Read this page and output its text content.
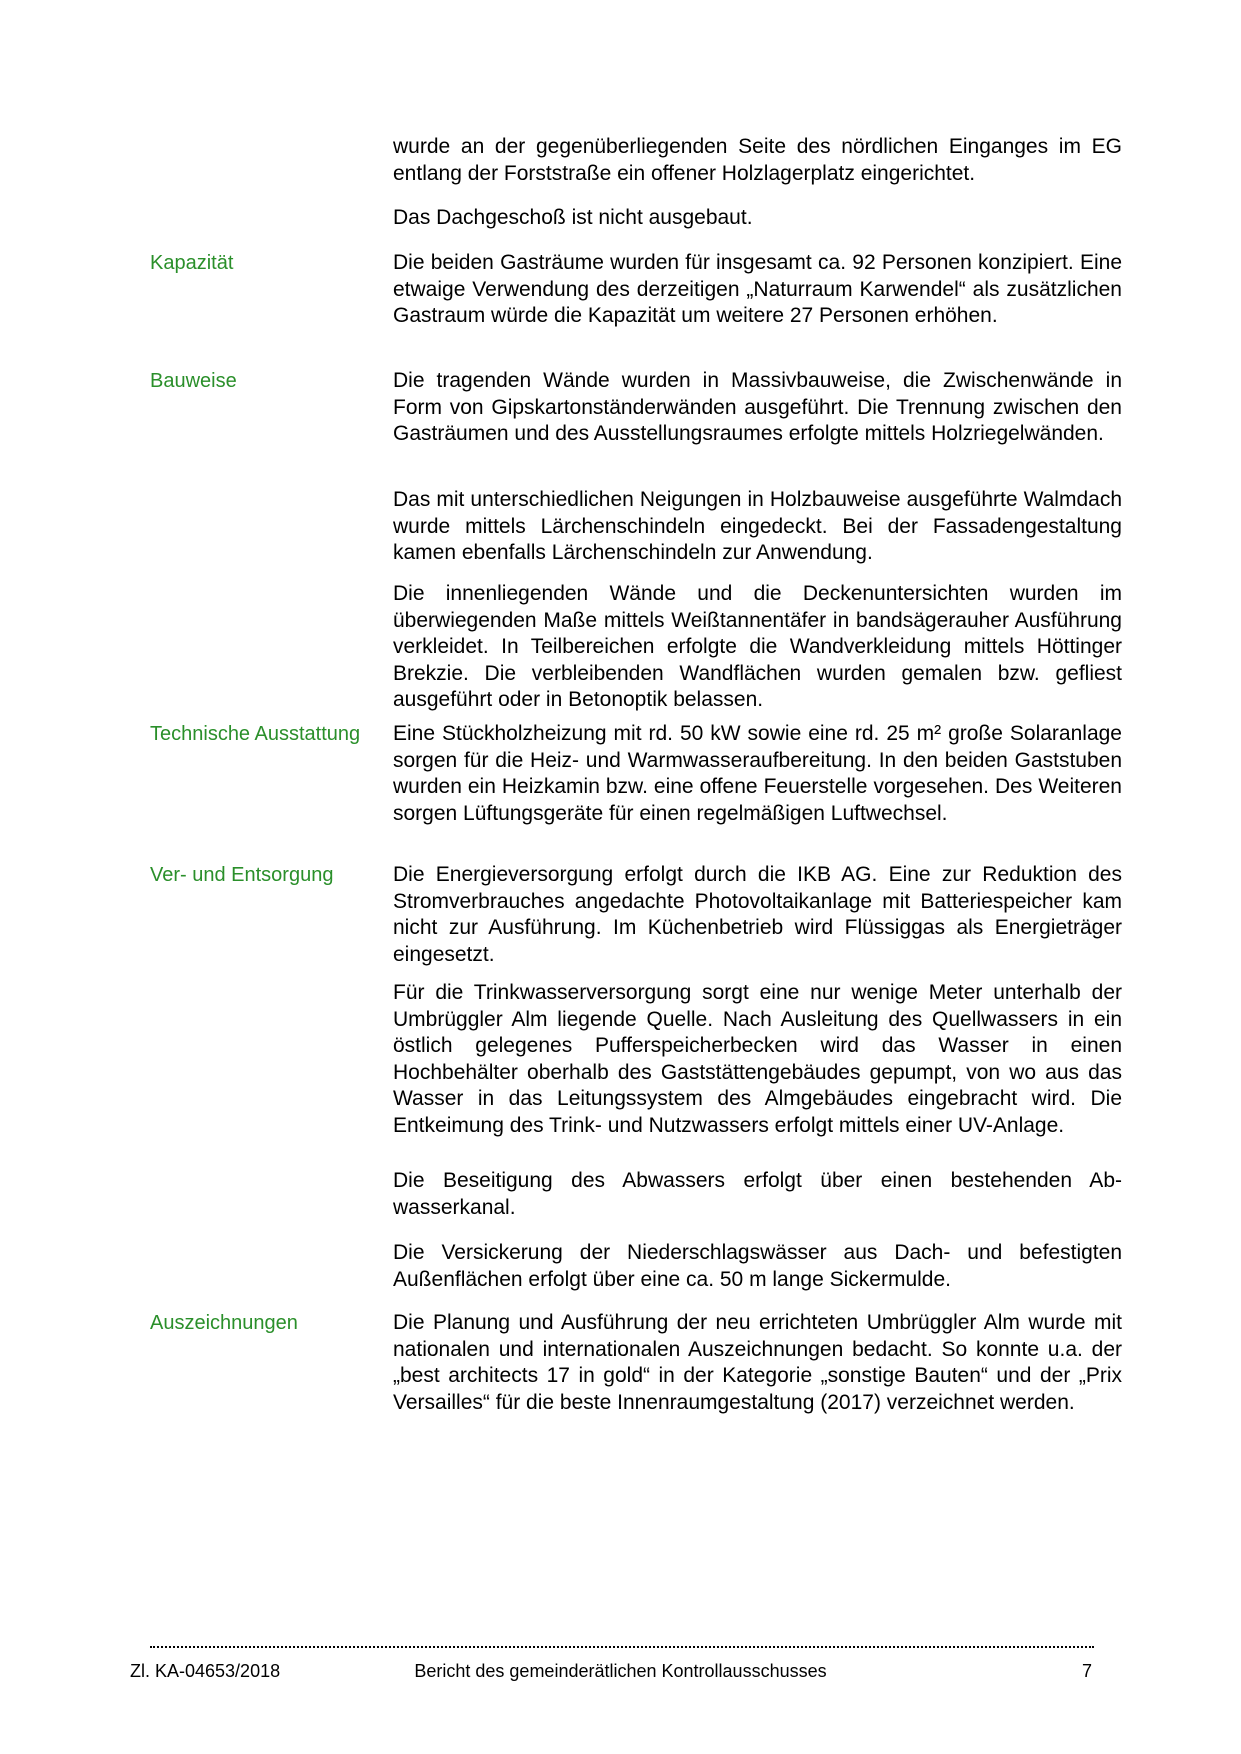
wurde an der gegenüberliegenden Seite des nördlichen Einganges im EG entlang der Forststraße ein offener Holzlagerplatz eingerichtet.

Das Dachgeschoß ist nicht ausgebaut.

Kapazität	Die beiden Gasträume wurden für insgesamt ca. 92 Personen konzipiert. Eine etwaige Verwendung des derzeitigen „Naturraum Karwendel“ als zusätzlichen Gastraum würde die Kapazität um weitere 27 Personen erhöhen.

Bauweise	Die tragenden Wände wurden in Massivbauweise, die Zwischenwände in Form von Gipskartonständerwänden ausgeführt. Die Trennung zwischen den Gasträumen und des Ausstellungsraumes erfolgte mittels Holzriegelwänden.

Das mit unterschiedlichen Neigungen in Holzbauweise ausgeführte Walmdach wurde mittels Lärchenschindeln eingedeckt. Bei der Fassadengestaltung kamen ebenfalls Lärchenschindeln zur Anwendung.

Die innenliegenden Wände und die Deckenuntersichten wurden im überwiegenden Maße mittels Weißtannentäfer in bandsägerauher Ausführung verkleidet. In Teilbereichen erfolgte die Wandverkleidung mittels Höttinger Brekzie. Die verbleibenden Wandflächen wurden gemalen bzw. gefliest ausgeführt oder in Betonoptik belassen.

Technische Ausstattung	Eine Stückholzheizung mit rd. 50 kW sowie eine rd. 25 m² große Solaranlage sorgen für die Heiz- und Warmwasseraufbereitung. In den beiden Gaststuben wurden ein Heizkamin bzw. eine offene Feuerstelle vorgesehen. Des Weiteren sorgen Lüftungsgeräte für einen regelmäßigen Luftwechsel.

Ver- und Entsorgung	Die Energieversorgung erfolgt durch die IKB AG. Eine zur Reduktion des Stromverbrauches angedachte Photovoltaikanlage mit Batteriespeicher kam nicht zur Ausführung. Im Küchenbetrieb wird Flüssiggas als Energieträger eingesetzt.

Für die Trinkwasserversorgung sorgt eine nur wenige Meter unterhalb der Umbrüggler Alm liegende Quelle. Nach Ausleitung des Quellwassers in ein östlich gelegenes Pufferspeicherbecken wird das Wasser in einen Hochbehälter oberhalb des Gaststättengebäudes gepumpt, von wo aus das Wasser in das Leitungssystem des Almgebäudes eingebracht wird. Die Entkeimung des Trink- und Nutzwassers erfolgt mittels einer UV-Anlage.

Die Beseitigung des Abwassers erfolgt über einen bestehenden Abwasserkanal.

Die Versickerung der Niederschlagswässer aus Dach- und befestigten Außenflächen erfolgt über eine ca. 50 m lange Sickermulde.

Auszeichnungen	Die Planung und Ausführung der neu errichteten Umbrüggler Alm wurde mit nationalen und internationalen Auszeichnungen bedacht. So konnte u.a. der „best architects 17 in gold“ in der Kategorie „sonstige Bauten“ und der „Prix Versailles“ für die beste Innenraumgestaltung (2017) verzeichnet werden.

Zl. KA-04653/2018	Bericht des gemeinderätlichen Kontrollausschusses	7
